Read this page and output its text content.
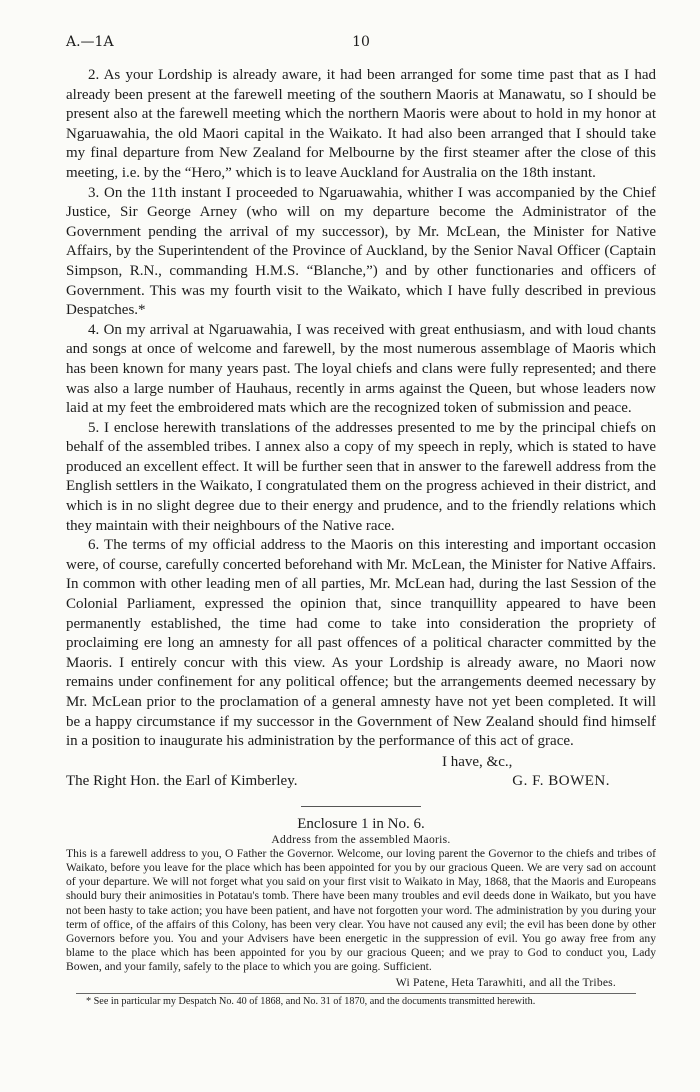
A.—1A	10

2. As your Lordship is already aware, it had been arranged for some time past that as I had already been present at the farewell meeting of the southern Maoris at Manawatu, so I should be present also at the farewell meeting which the northern Maoris were about to hold in my honor at Ngaruawahia, the old Maori capital in the Waikato. It had also been arranged that I should take my final departure from New Zealand for Melbourne by the first steamer after the close of this meeting, i.e. by the “Hero,” which is to leave Auckland for Australia on the 18th instant.

3. On the 11th instant I proceeded to Ngaruawahia, whither I was accompanied by the Chief Justice, Sir George Arney (who will on my departure become the Administrator of the Government pending the arrival of my successor), by Mr. McLean, the Minister for Native Affairs, by the Superintendent of the Province of Auckland, by the Senior Naval Officer (Captain Simpson, R.N., commanding H.M.S. “Blanche,”) and by other functionaries and officers of Government. This was my fourth visit to the Waikato, which I have fully described in previous Despatches.*

4. On my arrival at Ngaruawahia, I was received with great enthusiasm, and with loud chants and songs at once of welcome and farewell, by the most numerous assemblage of Maoris which has been known for many years past. The loyal chiefs and clans were fully represented; and there was also a large number of Hauhaus, recently in arms against the Queen, but whose leaders now laid at my feet the embroidered mats which are the recognized token of submission and peace.

5. I enclose herewith translations of the addresses presented to me by the principal chiefs on behalf of the assembled tribes. I annex also a copy of my speech in reply, which is stated to have produced an excellent effect. It will be further seen that in answer to the farewell address from the English settlers in the Waikato, I congratulated them on the progress achieved in their district, and which is in no slight degree due to their energy and prudence, and to the friendly relations which they maintain with their neighbours of the Native race.

6. The terms of my official address to the Maoris on this interesting and important occasion were, of course, carefully concerted beforehand with Mr. McLean, the Minister for Native Affairs. In common with other leading men of all parties, Mr. McLean had, during the last Session of the Colonial Parliament, expressed the opinion that, since tranquillity appeared to have been permanently established, the time had come to take into consideration the propriety of proclaiming ere long an amnesty for all past offences of a political character committed by the Maoris. I entirely concur with this view. As your Lordship is already aware, no Maori now remains under confinement for any political offence; but the arrangements deemed necessary by Mr. McLean prior to the proclamation of a general amnesty have not yet been completed. It will be a happy circumstance if my successor in the Government of New Zealand should find himself in a position to inaugurate his administration by the performance of this act of grace.

I have, &c.,
The Right Hon. the Earl of Kimberley.	G. F. BOWEN.

Enclosure 1 in No. 6.

Address from the assembled Maoris.

This is a farewell address to you, O Father the Governor. Welcome, our loving parent the Governor to the chiefs and tribes of Waikato, before you leave for the place which has been appointed for you by our gracious Queen. We are very sad on account of your departure. We will not forget what you said on your first visit to Waikato in May, 1868, that the Maoris and Europeans should bury their animosities in Potatau's tomb. There have been many troubles and evil deeds done in Waikato, but you have not been hasty to take action; you have been patient, and have not forgotten your word. The administration by you during your term of office, of the affairs of this Colony, has been very clear. You have not caused any evil; the evil has been done by other Governors before you. You and your Advisers have been energetic in the suppression of evil. You go away free from any blame to the place which has been appointed for you by our gracious Queen; and we pray to God to conduct you, Lady Bowen, and your family, safely to the place to which you are going. Sufficient.

Wi Patene, Heta Tarawhiti, and all the Tribes.

* See in particular my Despatch No. 40 of 1868, and No. 31 of 1870, and the documents transmitted herewith.
